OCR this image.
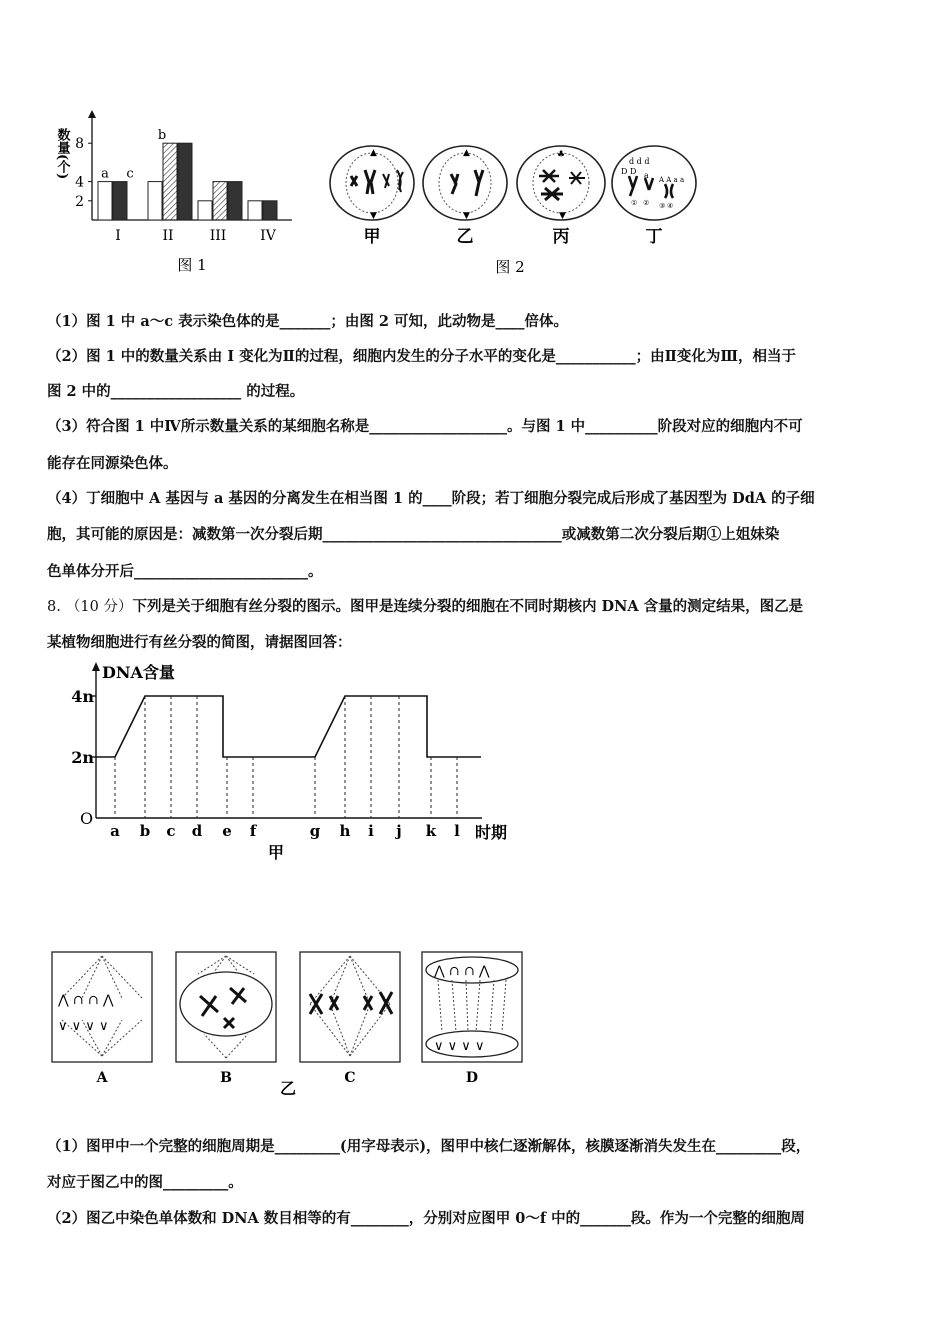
数量(个)
I	II	III IV
a c
b
8
4
2
图 1
▲
▼
甲
▲
▼
乙
♣
▼
丙
d d d
D D
A A a a
a
① ② ③ ④
丁
图 2
（1）图 1 中 a～c 表示染色体的是_______；由图 2 可知，此动物是____倍体。
（2）图 1 中的数量关系由 I 变化为Ⅱ的过程，细胞内发生的分子水平的变化是___________；由Ⅱ变化为Ⅲ，相当于
图 2 中的__________________ 的过程。
（3）符合图 1 中Ⅳ所示数量关系的某细胞名称是___________________。与图 1 中__________阶段对应的细胞内不可
能存在同源染色体。
（4）丁细胞中 A 基因与 a 基因的分离发生在相当图 1 的____阶段；若丁细胞分裂完成后形成了基因型为 DdA 的子细
胞，其可能的原因是：减数第一次分裂后期_________________________________或减数第二次分裂后期①上姐妹染
色单体分开后________________________。
8. （10 分）下列是关于细胞有丝分裂的图示。图甲是连续分裂的细胞在不同时期核内 DNA 含量的测定结果，图乙是
某植物细胞进行有丝分裂的简图，请据图回答：
DNA含量
O
4n
2n
a b c d e f	g h i j k l 时期
甲
⋀ ∩ ∩ ⋀
∨ ∨ ∨ ∨
A	B	C
⋀ ∩ ∩ ⋀
∨ ∨ ∨ ∨
D
乙
（1）图甲中一个完整的细胞周期是_________(用字母表示)，图甲中核仁逐渐解体，核膜逐渐消失发生在_________段，
对应于图乙中的图_________。
（2）图乙中染色单体数和 DNA 数目相等的有________，分别对应图甲 0～f 中的_______段。作为一个完整的细胞周
